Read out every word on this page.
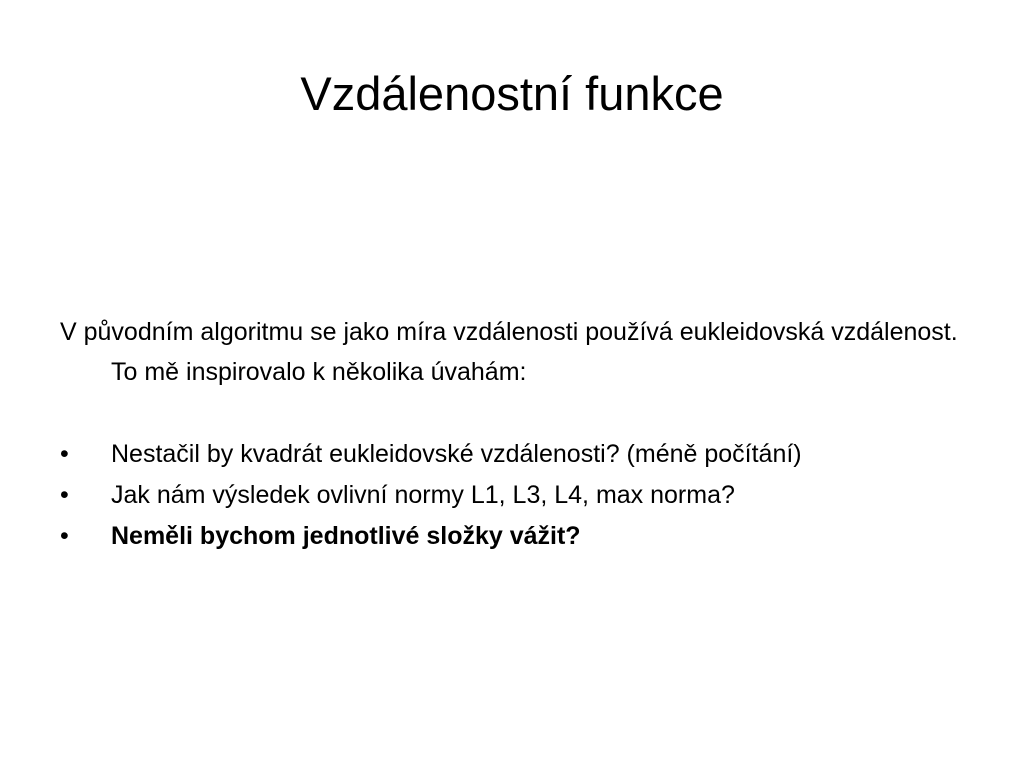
Vzdálenostní funkce

V původním algoritmu se jako míra vzdálenosti používá eukleidovská vzdálenost. To mě inspirovalo k několika úvahám:

•	Nestačil by kvadrát eukleidovské vzdálenosti? (méně počítání)
•	Jak nám výsledek ovlivní normy L1, L3, L4, max norma?
•	Neměli bychom jednotlivé složky vážit?
